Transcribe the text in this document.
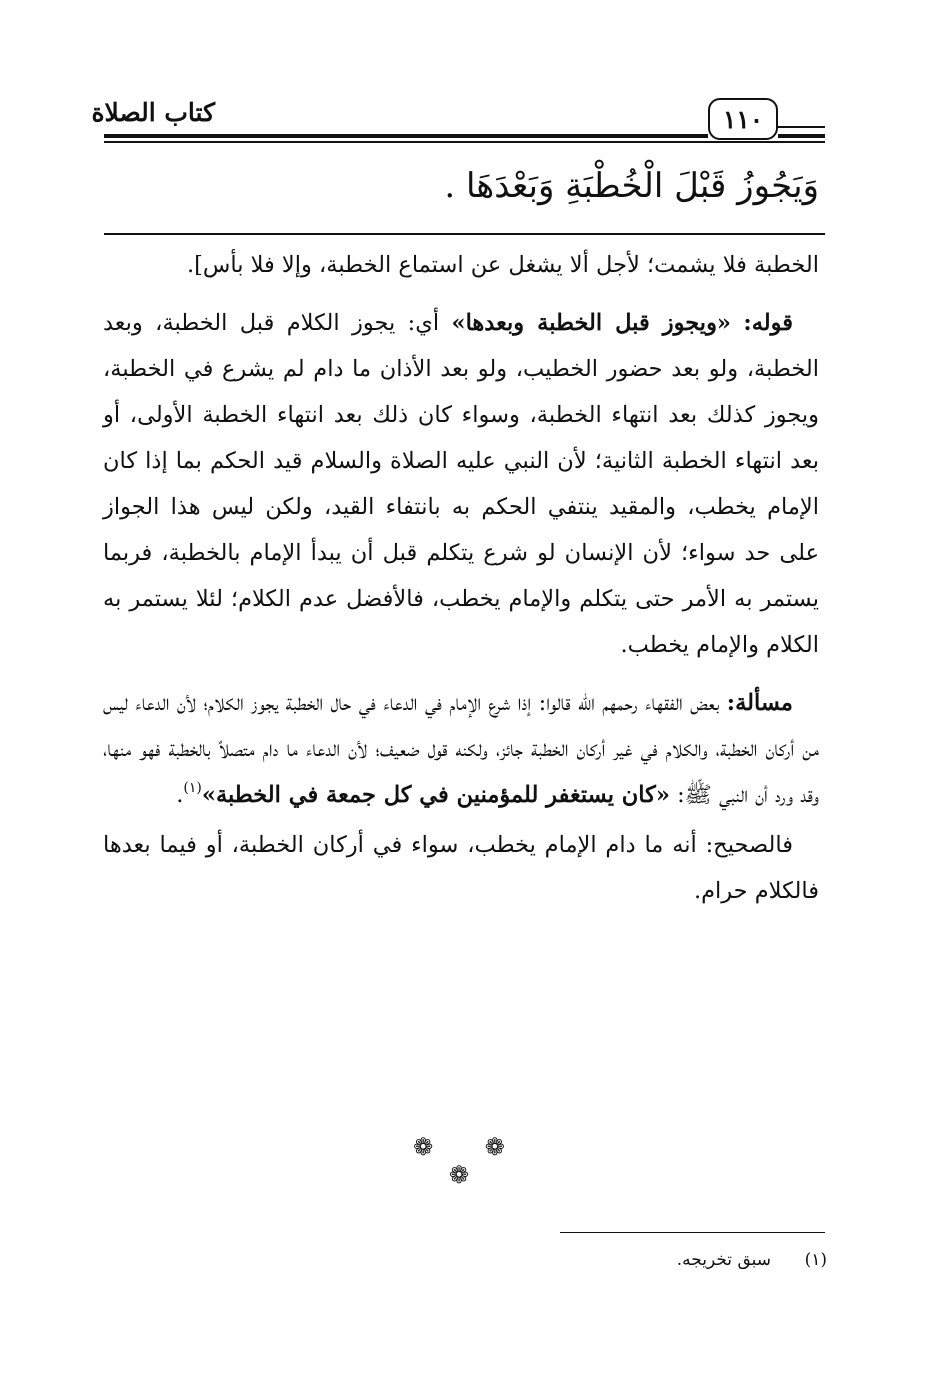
كتاب الصلاة	١١٠
وَيَجُوزُ قَبْلَ الْخُطْبَةِ وَبَعْدَهَا .

الخطبة فلا يشمت؛ لأجل ألا يشغل عن استماع الخطبة، وإلا فلا بأس].

قوله: «ويجوز قبل الخطبة وبعدها» أي: يجوز الكلام قبل الخطبة، وبعد الخطبة، ولو بعد حضور الخطيب، ولو بعد الأذان ما دام لم يشرع في الخطبة، ويجوز كذلك بعد انتهاء الخطبة، وسواء كان ذلك بعد انتهاء الخطبة الأولى، أو بعد انتهاء الخطبة الثانية؛ لأن النبي عليه الصلاة والسلام قيد الحكم بما إذا كان الإمام يخطب، والمقيد ينتفي الحكم به بانتفاء القيد، ولكن ليس هذا الجواز على حد سواء؛ لأن الإنسان لو شرع يتكلم قبل أن يبدأ الإمام بالخطبة، فربما يستمر به الأمر حتى يتكلم والإمام يخطب، فالأفضل عدم الكلام؛ لئلا يستمر به الكلام والإمام يخطب.

مسألة: بعض الفقهاء رحمهم الله قالوا: إذا شرع الإمام في الدعاء في حال الخطبة يجوز الكلام؛ لأن الدعاء ليس من أركان الخطبة، والكلام في غير أركان الخطبة جائز، ولكنه قول ضعيف؛ لأن الدعاء ما دام متصلاً بالخطبة فهو منها، وقد ورد أن النبي ﷺ: «كان يستغفر للمؤمنين في كل جمعة في الخطبة»$^{(١)}$.

فالصحيح: أنه ما دام الإمام يخطب، سواء في أركان الخطبة، أو فيما بعدها فالكلام حرام.

❁ ❁ ❁
(١)سبق تخريجه.
